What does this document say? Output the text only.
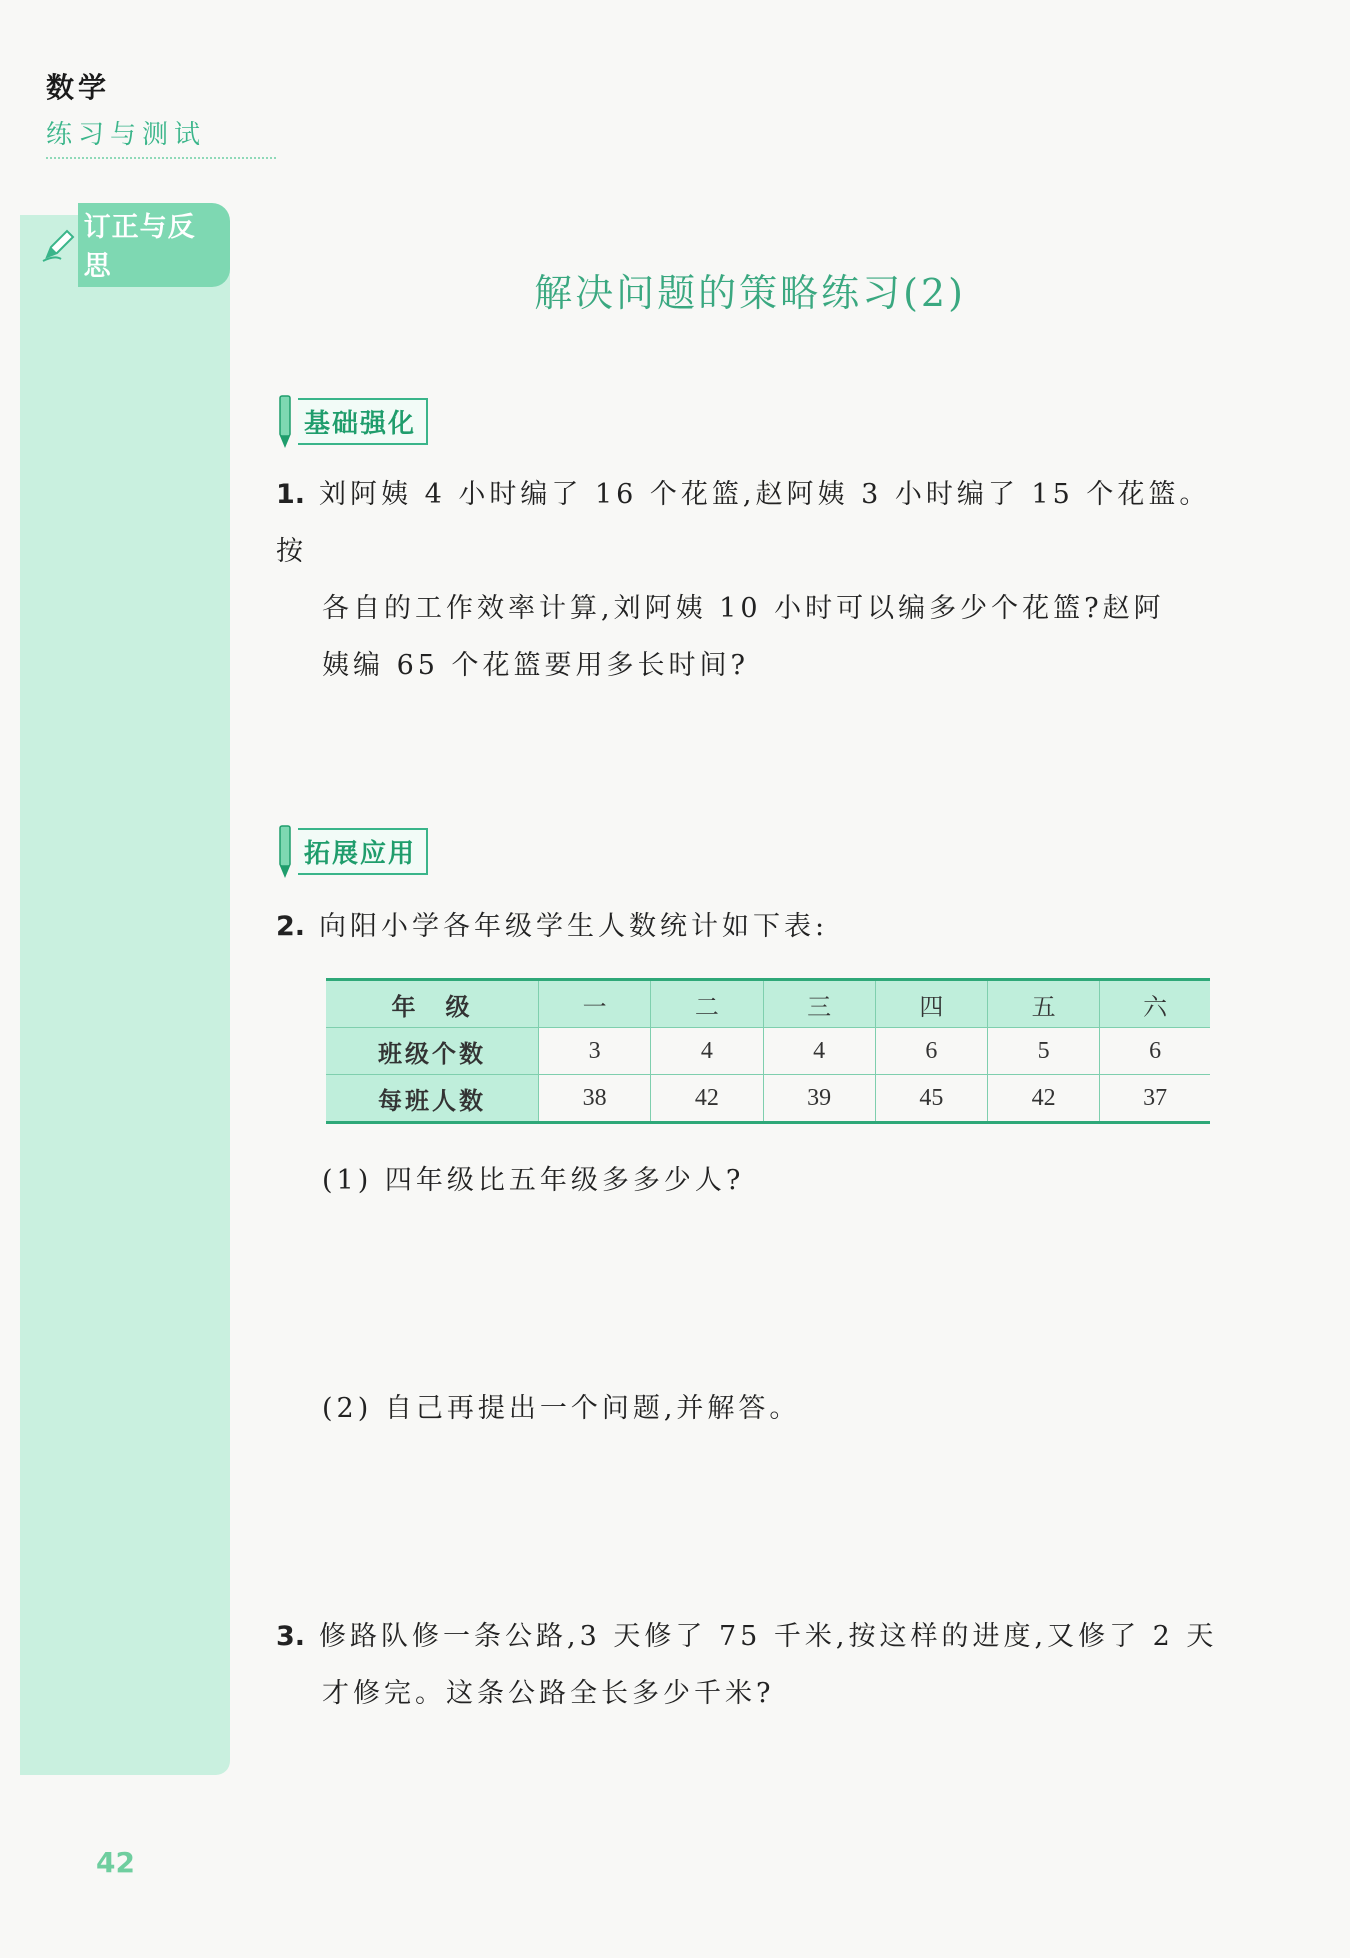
数学
练习与测试
订正与反思
解决问题的策略练习(2)
基础强化
1. 刘阿姨 4 小时编了 16 个花篮,赵阿姨 3 小时编了 15 个花篮。按
各自的工作效率计算,刘阿姨 10 小时可以编多少个花篮?赵阿
姨编 65 个花篮要用多长时间?
拓展应用
2. 向阳小学各年级学生人数统计如下表:
年　级	一	二	三	四	五	六
班级个数	3	4	4	6	5	6
每班人数	38	42	39	45	42	37
(1) 四年级比五年级多多少人?
(2) 自己再提出一个问题,并解答。
3. 修路队修一条公路,3 天修了 75 千米,按这样的进度,又修了 2 天
才修完。这条公路全长多少千米?
42
